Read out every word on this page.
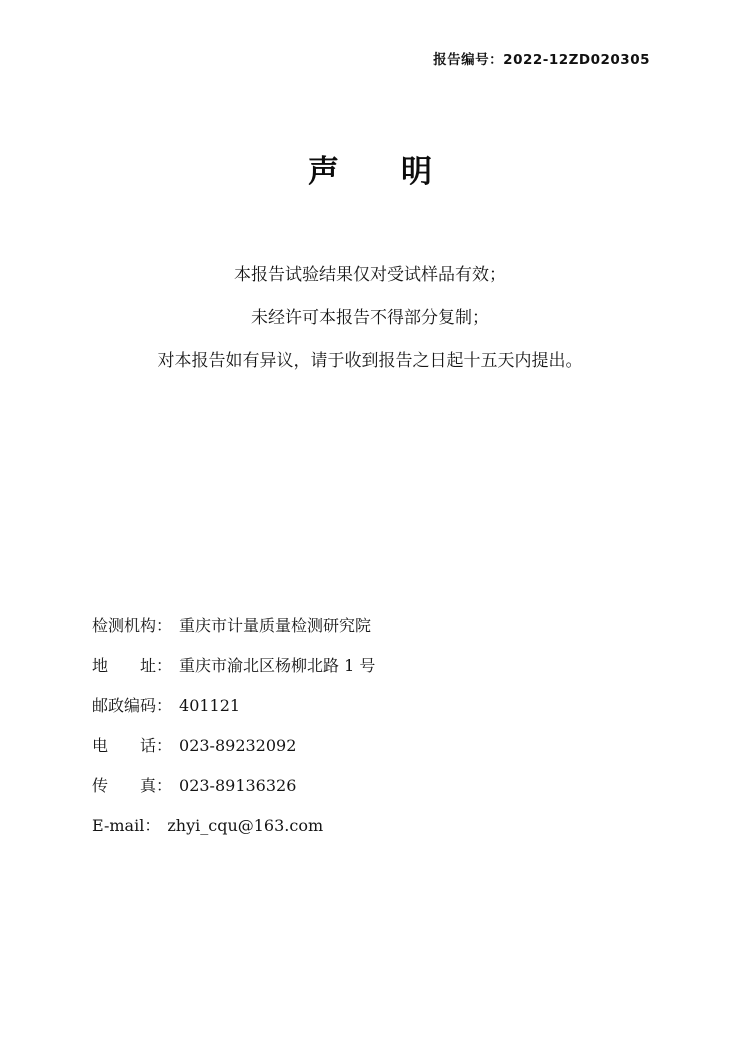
报告编号：2022-12ZD020305
声　　明

本报告试验结果仅对受试样品有效；

未经许可本报告不得部分复制；

对本报告如有异议，请于收到报告之日起十五天内提出。

检测机构： 重庆市计量质量检测研究院
地　　址： 重庆市渝北区杨柳北路 1 号
邮政编码： 401121
电　　话： 023-89232092
传　　真： 023-89136326
E-mail： zhyi_cqu@163.com
